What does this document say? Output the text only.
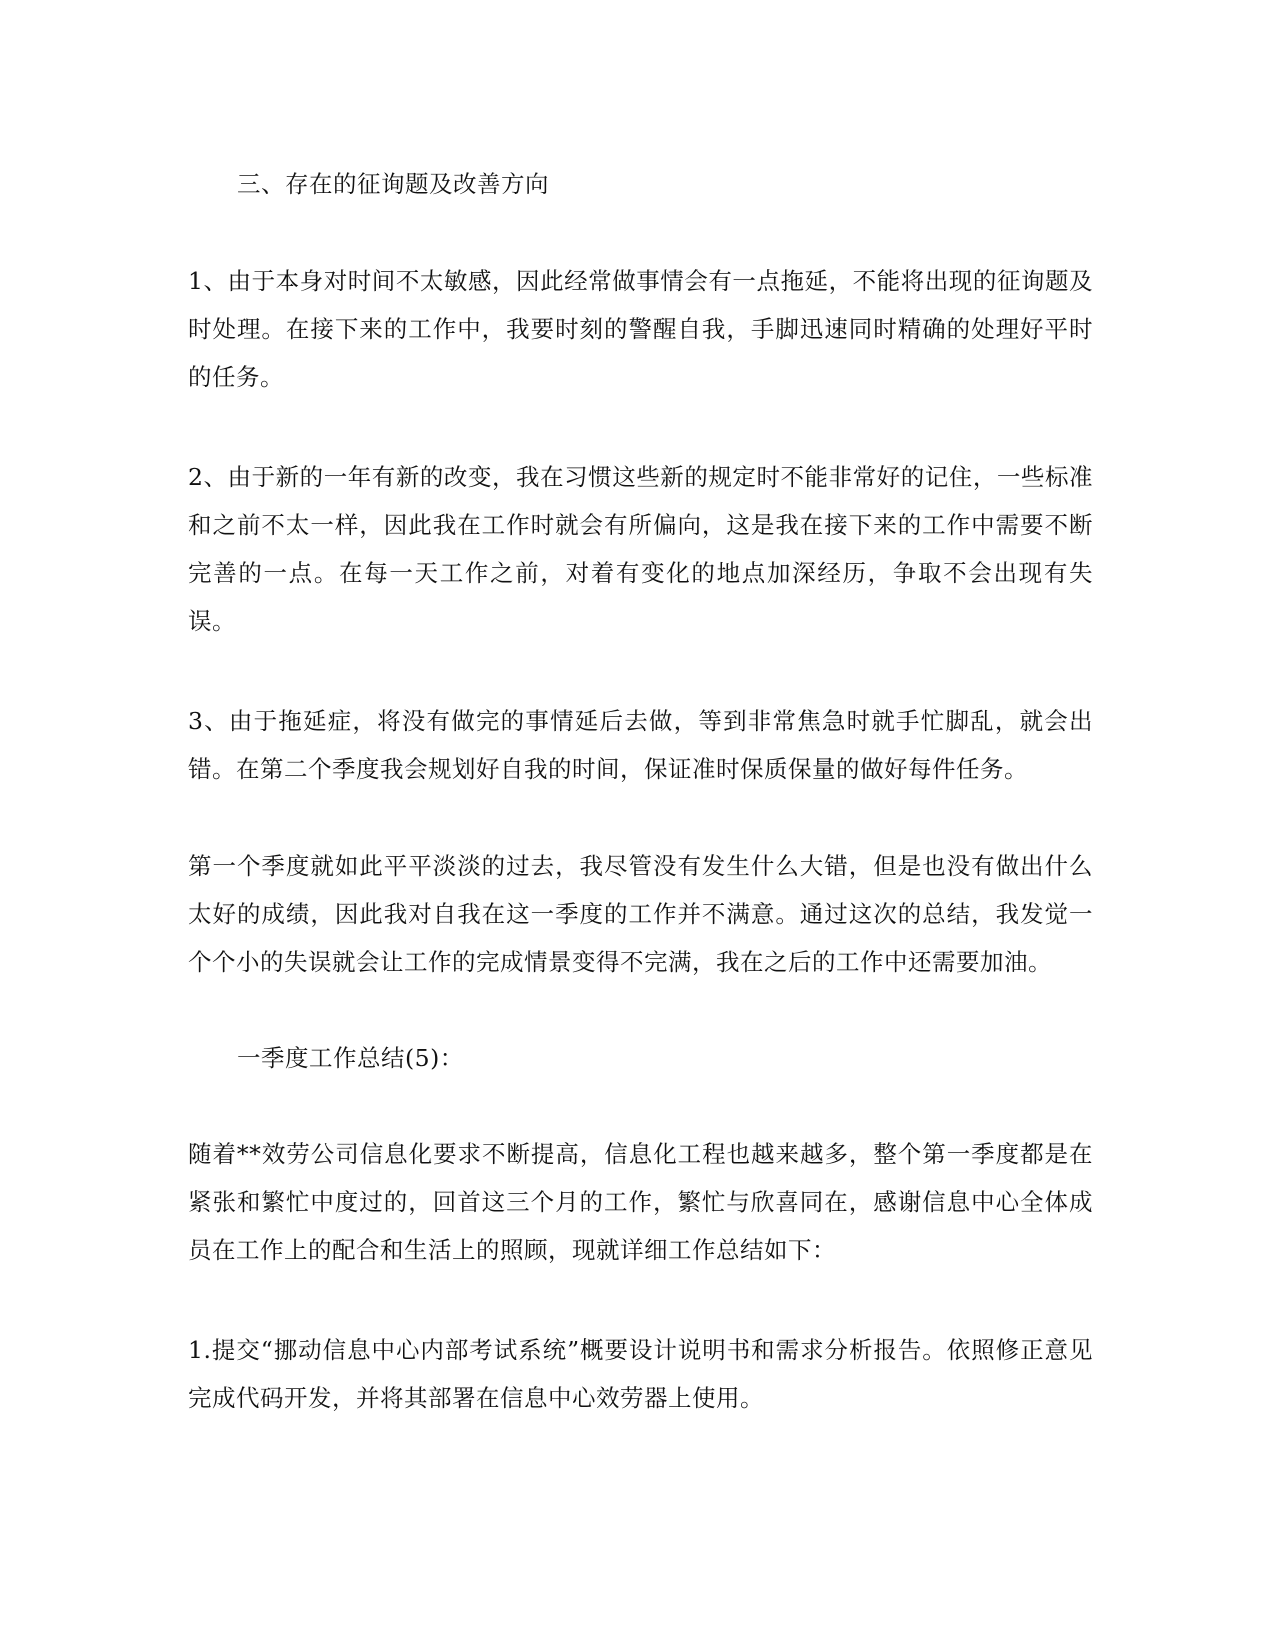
三、存在的征询题及改善方向

1、由于本身对时间不太敏感，因此经常做事情会有一点拖延，不能将出现的征询题及时处理。在接下来的工作中，我要时刻的警醒自我，手脚迅速同时精确的处理好平时的任务。

2、由于新的一年有新的改变，我在习惯这些新的规定时不能非常好的记住，一些标准和之前不太一样，因此我在工作时就会有所偏向，这是我在接下来的工作中需要不断完善的一点。在每一天工作之前，对着有变化的地点加深经历，争取不会出现有失误。

3、由于拖延症，将没有做完的事情延后去做，等到非常焦急时就手忙脚乱，就会出错。在第二个季度我会规划好自我的时间，保证准时保质保量的做好每件任务。

第一个季度就如此平平淡淡的过去，我尽管没有发生什么大错，但是也没有做出什么太好的成绩，因此我对自我在这一季度的工作并不满意。通过这次的总结，我发觉一个个小的失误就会让工作的完成情景变得不完满，我在之后的工作中还需要加油。

一季度工作总结(5)：

随着**效劳公司信息化要求不断提高，信息化工程也越来越多，整个第一季度都是在紧张和繁忙中度过的，回首这三个月的工作，繁忙与欣喜同在，感谢信息中心全体成员在工作上的配合和生活上的照顾，现就详细工作总结如下：

1.提交“挪动信息中心内部考试系统”概要设计说明书和需求分析报告。依照修正意见完成代码开发，并将其部署在信息中心效劳器上使用。
